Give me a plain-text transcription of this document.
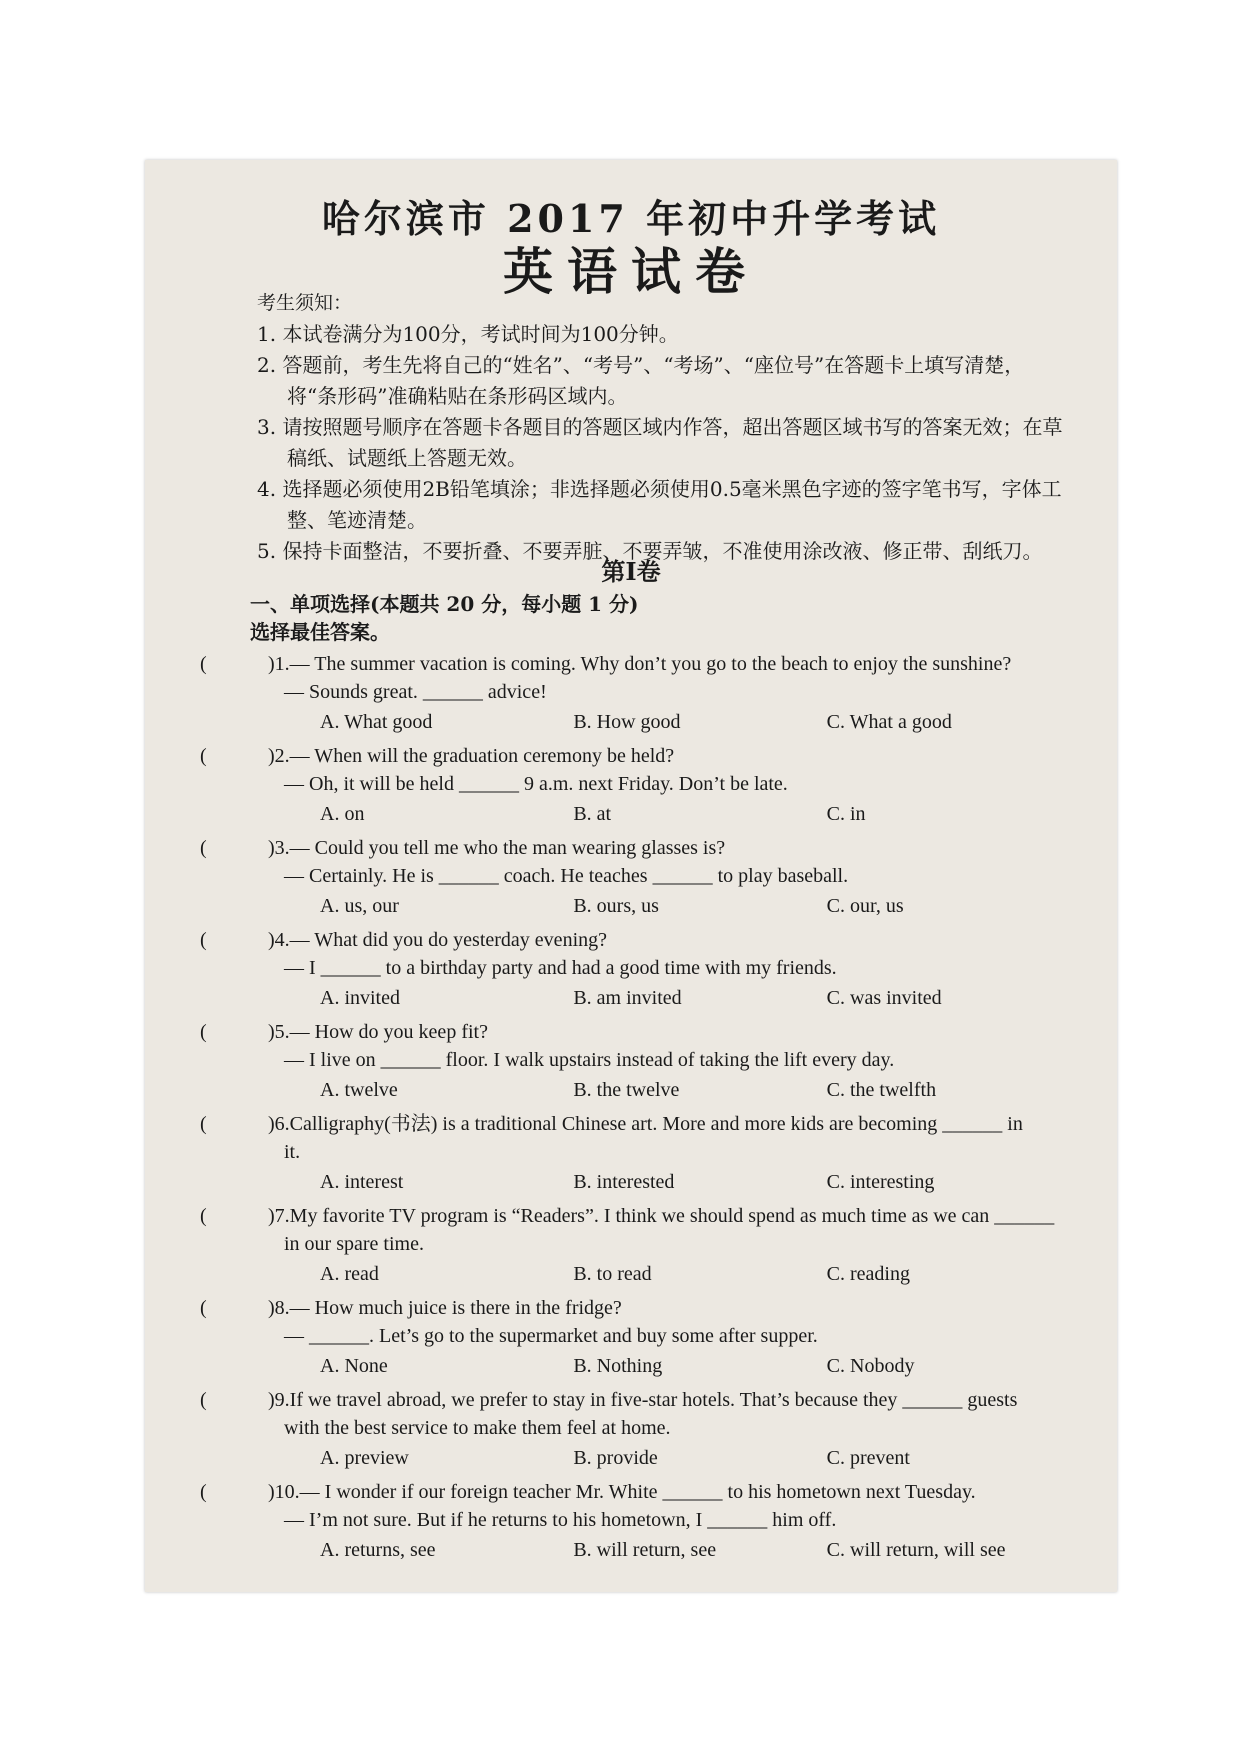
哈尔滨市 2017 年初中升学考试
英语试卷
考生须知：
1. 本试卷满分为100分，考试时间为100分钟。
2. 答题前，考生先将自己的“姓名”、“考号”、“考场”、“座位号”在答题卡上填写清楚，将“条形码”准确粘贴在条形码区域内。
3. 请按照题号顺序在答题卡各题目的答题区域内作答，超出答题区域书写的答案无效；在草稿纸、试题纸上答题无效。
4. 选择题必须使用2B铅笔填涂；非选择题必须使用0.5毫米黑色字迹的签字笔书写，字体工整、笔迹清楚。
5. 保持卡面整洁，不要折叠、不要弄脏、不要弄皱，不准使用涂改液、修正带、刮纸刀。
第Ⅰ卷
一、单项选择(本题共 20 分，每小题 1 分)
选择最佳答案。
(	)1.— The summer vacation is coming. Why don’t you go to the beach to enjoy the sunshine?
— Sounds great. ______ advice!
A. What good	B. How good	C. What a good
(	)2.— When will the graduation ceremony be held?
— Oh, it will be held ______ 9 a.m. next Friday. Don’t be late.
A. on	B. at	C. in
(	)3.— Could you tell me who the man wearing glasses is?
— Certainly. He is ______ coach. He teaches ______ to play baseball.
A. us, our	B. ours, us	C. our, us
(	)4.— What did you do yesterday evening?
— I ______ to a birthday party and had a good time with my friends.
A. invited	B. am invited	C. was invited
(	)5.— How do you keep fit?
— I live on ______ floor. I walk upstairs instead of taking the lift every day.
A. twelve	B. the twelve	C. the twelfth
(	)6.Calligraphy(书法) is a traditional Chinese art. More and more kids are becoming ______ in
it.
A. interest	B. interested	C. interesting
(	)7.My favorite TV program is “Readers”. I think we should spend as much time as we can ______
in our spare time.
A. read	B. to read	C. reading
(	)8.— How much juice is there in the fridge?
— ______. Let’s go to the supermarket and buy some after supper.
A. None	B. Nothing	C. Nobody
(	)9.If we travel abroad, we prefer to stay in five-star hotels. That’s because they ______ guests
with the best service to make them feel at home.
A. preview	B. provide	C. prevent
(	)10.— I wonder if our foreign teacher Mr. White ______ to his hometown next Tuesday.
— I’m not sure. But if he returns to his hometown, I ______ him off.
A. returns, see	B. will return, see	C. will return, will see
